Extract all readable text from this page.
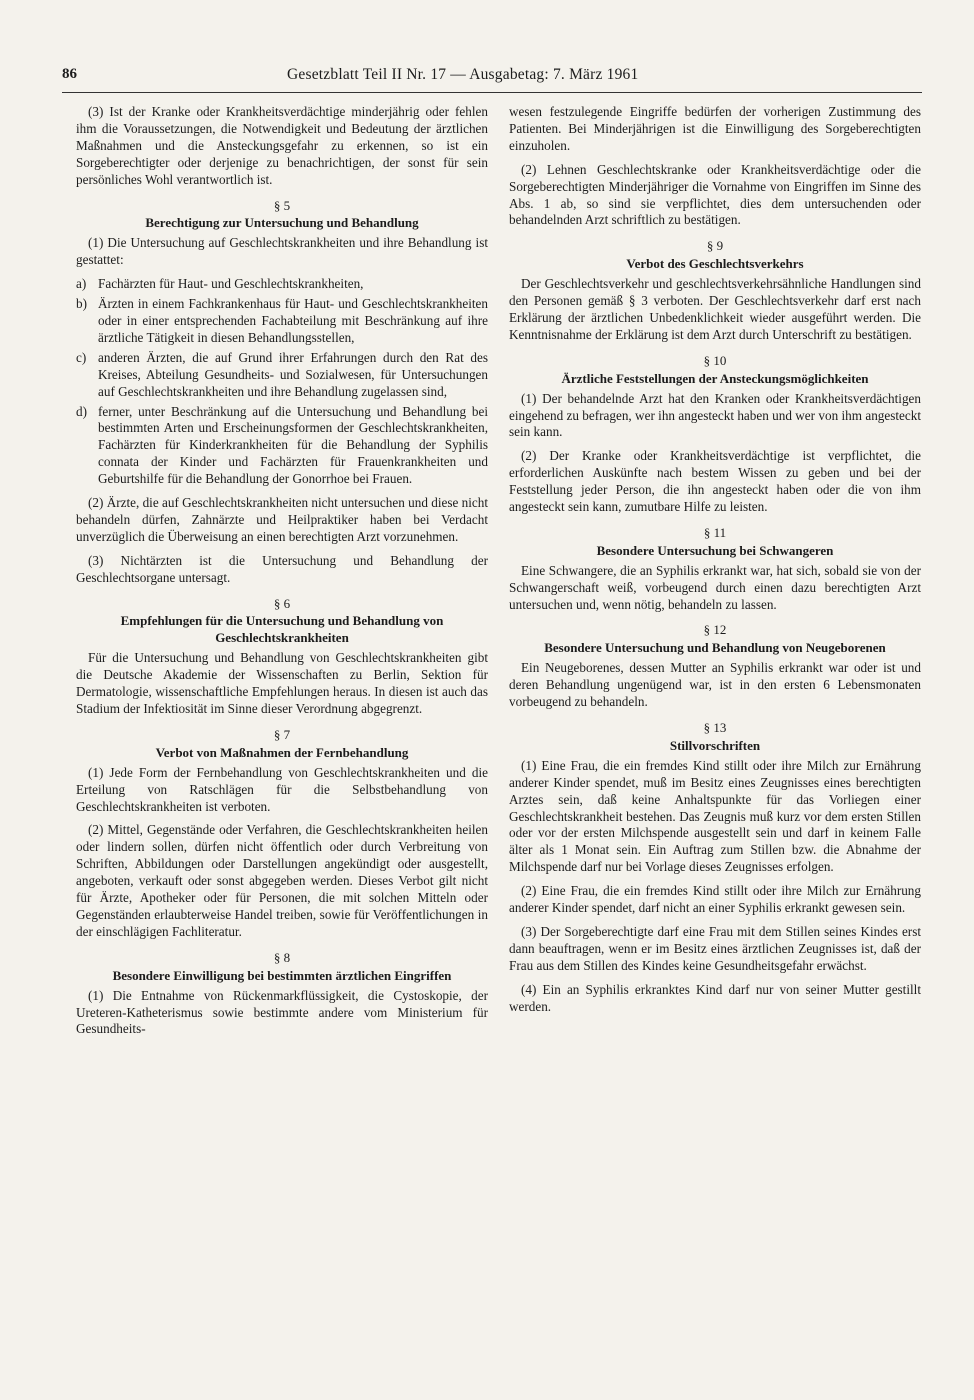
86	Gesetzblatt Teil II Nr. 17 — Ausgabetag: 7. März 1961

(3) Ist der Kranke oder Krankheitsverdächtige minderjährig oder fehlen ihm die Voraussetzungen, die Notwendigkeit und Bedeutung der ärztlichen Maßnahmen und die Ansteckungsgefahr zu erkennen, so ist ein Sorgeberechtigter oder derjenige zu benachrichtigen, der sonst für sein persönliches Wohl verantwortlich ist.

§ 5
Berechtigung zur Untersuchung und Behandlung

(1) Die Untersuchung auf Geschlechtskrankheiten und ihre Behandlung ist gestattet:

a) Fachärzten für Haut- und Geschlechtskrankheiten,
b) Ärzten in einem Fachkrankenhaus für Haut- und Geschlechtskrankheiten oder in einer entsprechenden Fachabteilung mit Beschränkung auf ihre ärztliche Tätigkeit in diesen Behandlungsstellen,
c) anderen Ärzten, die auf Grund ihrer Erfahrungen durch den Rat des Kreises, Abteilung Gesundheits- und Sozialwesen, für Untersuchungen auf Geschlechtskrankheiten und ihre Behandlung zugelassen sind,
d) ferner, unter Beschränkung auf die Untersuchung und Behandlung bei bestimmten Arten und Erscheinungsformen der Geschlechtskrankheiten, Fachärzten für Kinderkrankheiten für die Behandlung der Syphilis connata der Kinder und Fachärzten für Frauenkrankheiten und Geburtshilfe für die Behandlung der Gonorrhoe bei Frauen.

(2) Ärzte, die auf Geschlechtskrankheiten nicht untersuchen und diese nicht behandeln dürfen, Zahnärzte und Heilpraktiker haben bei Verdacht unverzüglich die Überweisung an einen berechtigten Arzt vorzunehmen.

(3) Nichtärzten ist die Untersuchung und Behandlung der Geschlechtsorgane untersagt.

§ 6
Empfehlungen für die Untersuchung und Behandlung von Geschlechtskrankheiten

Für die Untersuchung und Behandlung von Geschlechtskrankheiten gibt die Deutsche Akademie der Wissenschaften zu Berlin, Sektion für Dermatologie, wissenschaftliche Empfehlungen heraus. In diesen ist auch das Stadium der Infektiosität im Sinne dieser Verordnung abgegrenzt.

§ 7
Verbot von Maßnahmen der Fernbehandlung

(1) Jede Form der Fernbehandlung von Geschlechtskrankheiten und die Erteilung von Ratschlägen für die Selbstbehandlung von Geschlechtskrankheiten ist verboten.

(2) Mittel, Gegenstände oder Verfahren, die Geschlechtskrankheiten heilen oder lindern sollen, dürfen nicht öffentlich oder durch Verbreitung von Schriften, Abbildungen oder Darstellungen angekündigt oder ausgestellt, angeboten, verkauft oder sonst abgegeben werden. Dieses Verbot gilt nicht für Ärzte, Apotheker oder für Personen, die mit solchen Mitteln oder Gegenständen erlaubterweise Handel treiben, sowie für Veröffentlichungen in der einschlägigen Fachliteratur.

§ 8
Besondere Einwilligung bei bestimmten ärztlichen Eingriffen

(1) Die Entnahme von Rückenmarkflüssigkeit, die Cystoskopie, der Ureteren-Katheterismus sowie bestimmte andere vom Ministerium für Gesundheits-

wesen festzulegende Eingriffe bedürfen der vorherigen Zustimmung des Patienten. Bei Minderjährigen ist die Einwilligung des Sorgeberechtigten einzuholen.

(2) Lehnen Geschlechtskranke oder Krankheitsverdächtige oder die Sorgeberechtigten Minderjähriger die Vornahme von Eingriffen im Sinne des Abs. 1 ab, so sind sie verpflichtet, dies dem untersuchenden oder behandelnden Arzt schriftlich zu bestätigen.

§ 9
Verbot des Geschlechtsverkehrs

Der Geschlechtsverkehr und geschlechtsverkehrsähnliche Handlungen sind den Personen gemäß § 3 verboten. Der Geschlechtsverkehr darf erst nach Erklärung der ärztlichen Unbedenklichkeit wieder ausgeführt werden. Die Kenntnisnahme der Erklärung ist dem Arzt durch Unterschrift zu bestätigen.

§ 10
Ärztliche Feststellungen der Ansteckungsmöglichkeiten

(1) Der behandelnde Arzt hat den Kranken oder Krankheitsverdächtigen eingehend zu befragen, wer ihn angesteckt haben und wer von ihm angesteckt sein kann.

(2) Der Kranke oder Krankheitsverdächtige ist verpflichtet, die erforderlichen Auskünfte nach bestem Wissen zu geben und bei der Feststellung jeder Person, die ihn angesteckt haben oder die von ihm angesteckt sein kann, zumutbare Hilfe zu leisten.

§ 11
Besondere Untersuchung bei Schwangeren

Eine Schwangere, die an Syphilis erkrankt war, hat sich, sobald sie von der Schwangerschaft weiß, vorbeugend durch einen dazu berechtigten Arzt untersuchen und, wenn nötig, behandeln zu lassen.

§ 12
Besondere Untersuchung und Behandlung von Neugeborenen

Ein Neugeborenes, dessen Mutter an Syphilis erkrankt war oder ist und deren Behandlung ungenügend war, ist in den ersten 6 Lebensmonaten vorbeugend zu behandeln.

§ 13
Stillvorschriften

(1) Eine Frau, die ein fremdes Kind stillt oder ihre Milch zur Ernährung anderer Kinder spendet, muß im Besitz eines Zeugnisses eines berechtigten Arztes sein, daß keine Anhaltspunkte für das Vorliegen einer Geschlechtskrankheit bestehen. Das Zeugnis muß kurz vor dem ersten Stillen oder vor der ersten Milchspende ausgestellt sein und darf in keinem Falle älter als 1 Monat sein. Ein Auftrag zum Stillen bzw. die Abnahme der Milchspende darf nur bei Vorlage dieses Zeugnisses erfolgen.

(2) Eine Frau, die ein fremdes Kind stillt oder ihre Milch zur Ernährung anderer Kinder spendet, darf nicht an einer Syphilis erkrankt gewesen sein.

(3) Der Sorgeberechtigte darf eine Frau mit dem Stillen seines Kindes erst dann beauftragen, wenn er im Besitz eines ärztlichen Zeugnisses ist, daß der Frau aus dem Stillen des Kindes keine Gesundheitsgefahr erwächst.

(4) Ein an Syphilis erkranktes Kind darf nur von seiner Mutter gestillt werden.
